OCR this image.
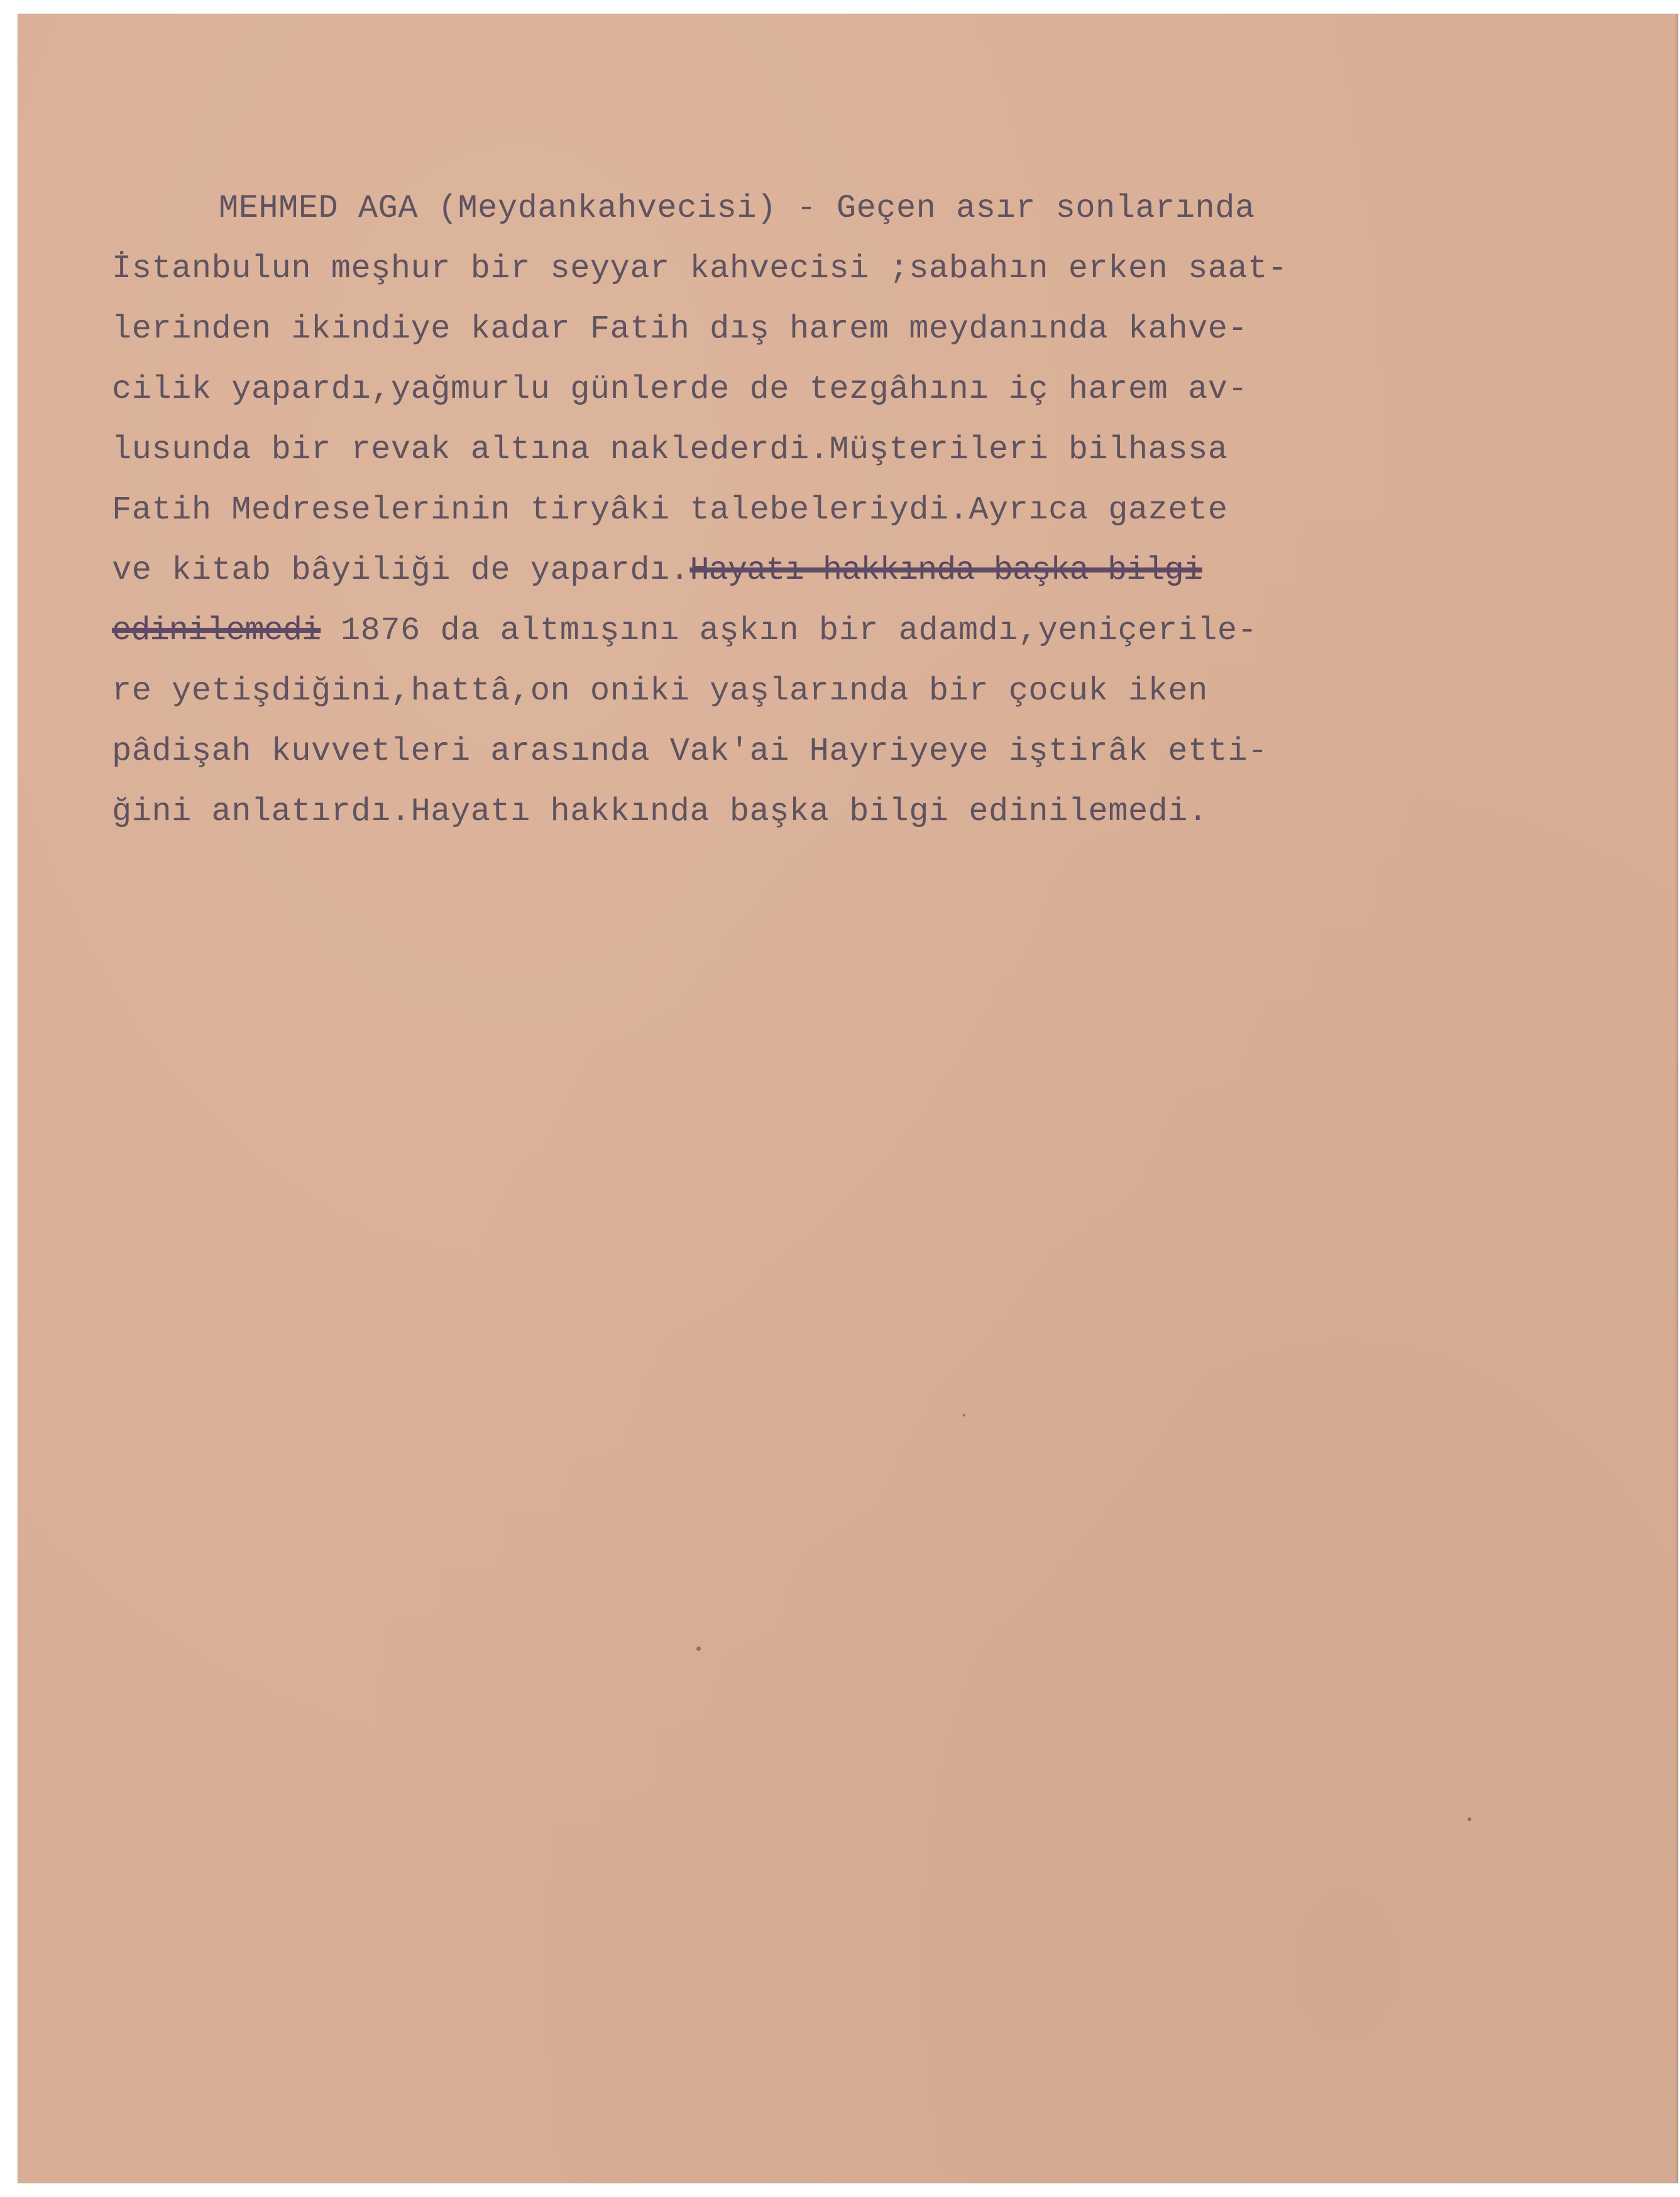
MEHMED AGA (Meydankahvecisi) - Geçen asır sonlarında
İstanbulun meşhur bir seyyar kahvecisi ;sabahın erken saat-
lerinden ikindiye kadar Fatih dış harem meydanında kahve-
cilik yapardı,yağmurlu günlerde de tezgâhını iç harem av-
lusunda bir revak altına naklederdi.Müşterileri bilhassa
Fatih Medreselerinin tiryâki talebeleriydi.Ayrıca gazete
ve kitab bâyiliği de yapardı.Hayatı hakkında başka bilgi
edinilemedi 1876 da altmışını aşkın bir adamdı,yeniçerile-
re yetişdiğini,hattâ,on oniki yaşlarında bir çocuk iken
pâdişah kuvvetleri arasında Vak'ai Hayriyeye iştirâk etti-
ğini anlatırdı.Hayatı hakkında başka bilgi edinilemedi.
